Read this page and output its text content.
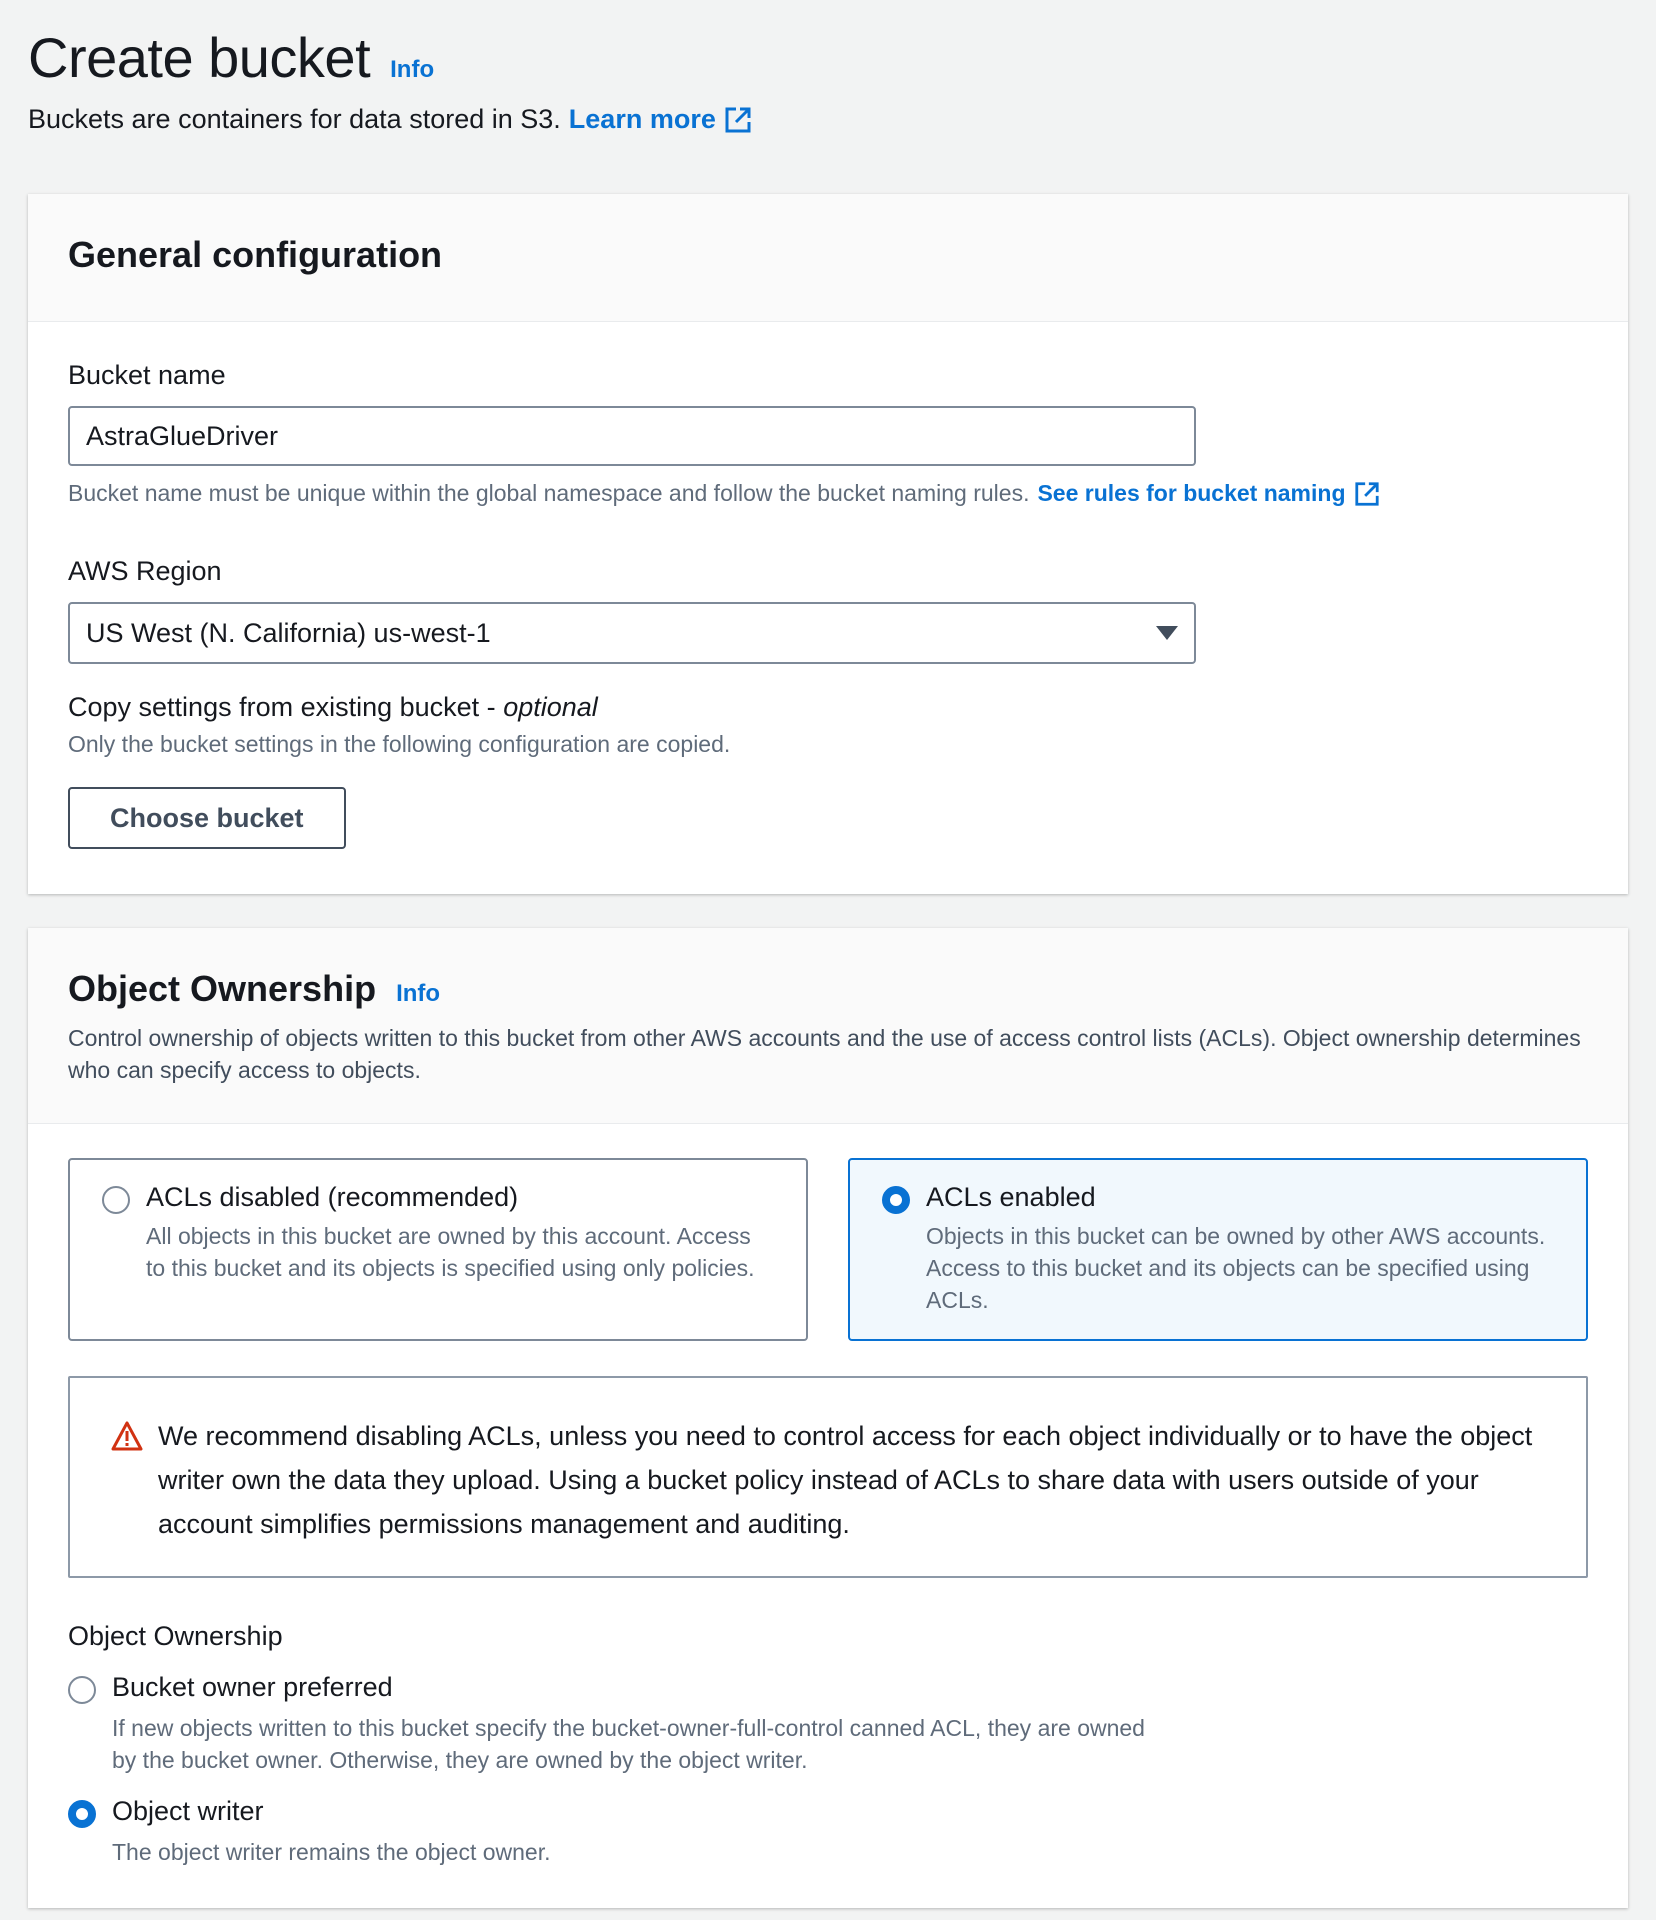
Create bucket Info
Buckets are containers for data stored in S3. Learn more
General configuration
Bucket name
AstraGlueDriver
Bucket name must be unique within the global namespace and follow the bucket naming rules. See rules for bucket naming
AWS Region
US West (N. California) us-west-1
Copy settings from existing bucket - optional
Only the bucket settings in the following configuration are copied.
Choose bucket
Object Ownership Info
Control ownership of objects written to this bucket from other AWS accounts and the use of access control lists (ACLs). Object ownership determines who can specify access to objects.
ACLs disabled (recommended)
All objects in this bucket are owned by this account. Access to this bucket and its objects is specified using only policies.
ACLs enabled
Objects in this bucket can be owned by other AWS accounts. Access to this bucket and its objects can be specified using ACLs.
We recommend disabling ACLs, unless you need to control access for each object individually or to have the object writer own the data they upload. Using a bucket policy instead of ACLs to share data with users outside of your account simplifies permissions management and auditing.
Object Ownership
Bucket owner preferred
If new objects written to this bucket specify the bucket-owner-full-control canned ACL, they are owned by the bucket owner. Otherwise, they are owned by the object writer.
Object writer
The object writer remains the object owner.
